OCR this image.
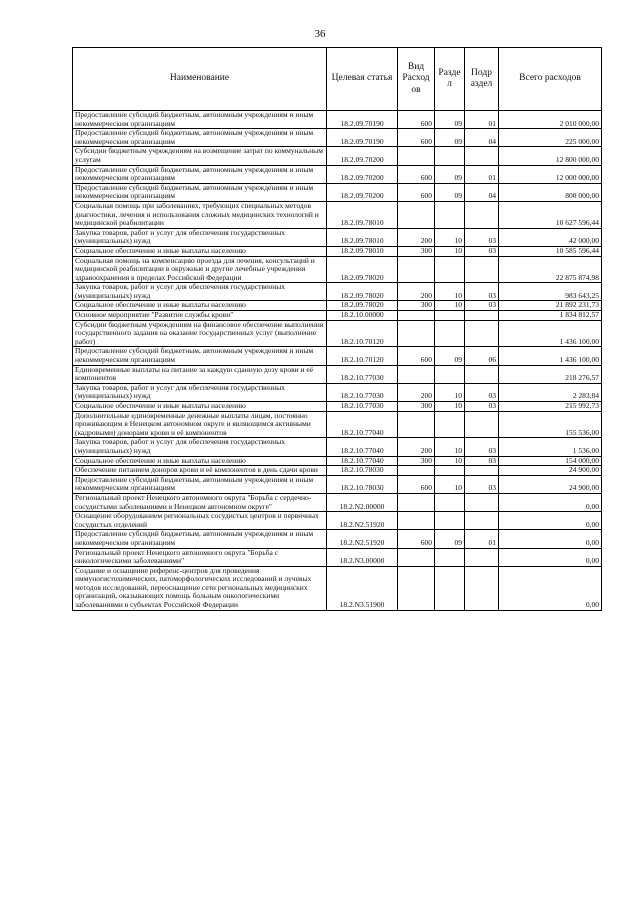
36
Наименование	Целевая статья	Вид Расход ов	Разде л	Подр аздел	Всего расходов
Предоставление субсидий бюджетным, автономным учреждениям и иным некоммерческим организациям	18.2.09.70190	600	09	01	2 010 000,00
Предоставление субсидий бюджетным, автономным учреждениям и иным некоммерческим организациям	18.2.09.70190	600	09	04	225 000,00
Субсидии бюджетным учреждениям на возмещение затрат по коммунальным услугам	18.2.09.70200				12 800 000,00
Предоставление субсидий бюджетным, автономным учреждениям и иным некоммерческим организациям	18.2.09.70200	600	09	01	12 000 000,00
Предоставление субсидий бюджетным, автономным учреждениям и иным некоммерческим организациям	18.2.09.70200	600	09	04	800 000,00
Социальная помощь при заболеваниях, требующих специальных методов диагностики, лечения и использования сложных медицинских технологий и медицинской реабилитации	18.2.09.78010				10 627 596,44
Закупка товаров, работ и услуг для обеспечения государственных (муниципальных) нужд	18.2.09.78010	200	10	03	42 000,00
Социальное обеспечение и иные выплаты населению	18.2.09.78010	300	10	03	10 585 596,44
Социальная помощь на компенсацию проезда для лечения, консультаций и медицинской реабилитации в окружные и другие лечебные учреждения здравоохранения в пределах Российской Федерации	18.2.09.78020				22 875 874,98
Закупка товаров, работ и услуг для обеспечения государственных (муниципальных) нужд	18.2.09.78020	200	10	03	983 643,25
Социальное обеспечение и иные выплаты населению	18.2.09.78020	300	10	03	21 892 231,73
Основное мероприятие "Развитие службы крови"	18.2.10.00000				1 834 812,57
Субсидии бюджетным учреждениям на финансовое обеспечение выполнения государственного задания на оказание государственных услуг (выполнение работ)	18.2.10.70120				1 436 100,00
Предоставление субсидий бюджетным, автономным учреждениям и иным некоммерческим организациям	18.2.10.70120	600	09	06	1 436 100,00
Единовременные выплаты на питание за каждую сданную дозу крови и её компонентов	18.2.10.77030				218 276,57
Закупка товаров, работ и услуг для обеспечения государственных (муниципальных) нужд	18.2.10.77030	200	10	03	2 283,84
Социальное обеспечение и иные выплаты населению	18.2.10.77030	300	10	03	215 992,73
Дополнительные единовременные денежные выплаты лицам, постоянно проживающим в Ненецком автономном округе и являющимся активными (кадровыми) донорами крови и её компонентов	18.2.10.77040				155 536,00
Закупка товаров, работ и услуг для обеспечения государственных (муниципальных) нужд	18.2.10.77040	200	10	03	1 536,00
Социальное обеспечение и иные выплаты населению	18.2.10.77040	300	10	03	154 000,00
Обеспечение питанием доноров крови и её компонентов в день сдачи крови	18.2.10.78030				24 900,00
Предоставление субсидий бюджетным, автономным учреждениям и иным некоммерческим организациям	18.2.10.78030	600	10	03	24 900,00
Региональный проект Ненецкого автономного округа "Борьба с сердечно-сосудистыми заболеваниями в Ненецком автономном округе"	18.2.N2.00000				0,00
Оснащение оборудованием региональных сосудистых центров и первичных сосудистых отделений	18.2.N2.51920				0,00
Предоставление субсидий бюджетным, автономным учреждениям и иным некоммерческим организациям	18.2.N2.51920	600	09	01	0,00
Региональный проект Ненецкого автономного округа "Борьба с онкологическими заболеваниями"	18.2.N3.00000				0,00
Создание и оснащение референс-центров для проведения иммуногистохимических, патоморфологических исследований и лучевых методов исследований, переоснащение сети региональных медицинских организаций, оказывающих помощь больным онкологическими заболеваниями в субъектах Российской Федерации	18.2.N3.51900				0,00
